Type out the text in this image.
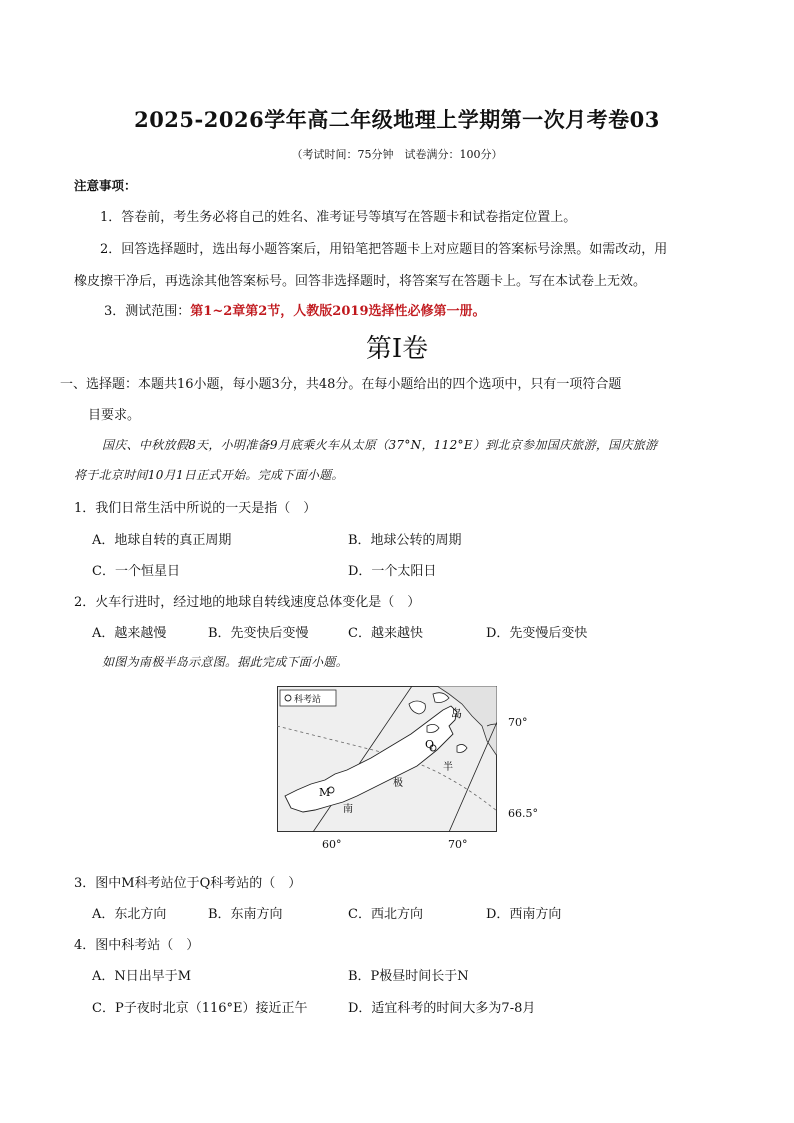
2025-2026学年高二年级地理上学期第一次月考卷03
（考试时间：75分钟　试卷满分：100分）
注意事项：
1．答卷前，考生务必将自己的姓名、准考证号等填写在答题卡和试卷指定位置上。
2．回答选择题时，选出每小题答案后，用铅笔把答题卡上对应题目的答案标号涂黑。如需改动，用
橡皮擦干净后，再选涂其他答案标号。回答非选择题时，将答案写在答题卡上。写在本试卷上无效。
3．测试范围：第1~2章第2节，人教版2019选择性必修第一册。
第Ⅰ卷
一、选择题：本题共16小题，每小题3分，共48分。在每小题给出的四个选项中，只有一项符合题
目要求。
国庆、中秋放假8天，小明准备9月底乘火车从太原（37°N，112°E）到北京参加国庆旅游，国庆旅游
将于北京时间10月1日正式开始。完成下面小题。
1．我们日常生活中所说的一天是指（　）
A．地球自转的真正周期	B．地球公转的周期
C．一个恒星日	D．一个太阳日
2．火车行进时，经过地的地球自转线速度总体变化是（　）
A．越来越慢	B．先变快后变慢	C．越来越快	D．先变慢后变快
如图为南极半岛示意图。据此完成下面小题。
科考站
岛
Q
M
南
极
半
70°
66.5°
60°	70°
3．图中M科考站位于Q科考站的（　）
A．东北方向	B．东南方向	C．西北方向	D．西南方向
4．图中科考站（　）
A．N日出早于M	B．P极昼时间长于N
C．P子夜时北京（116°E）接近正午	D．适宜科考的时间大多为7-8月
